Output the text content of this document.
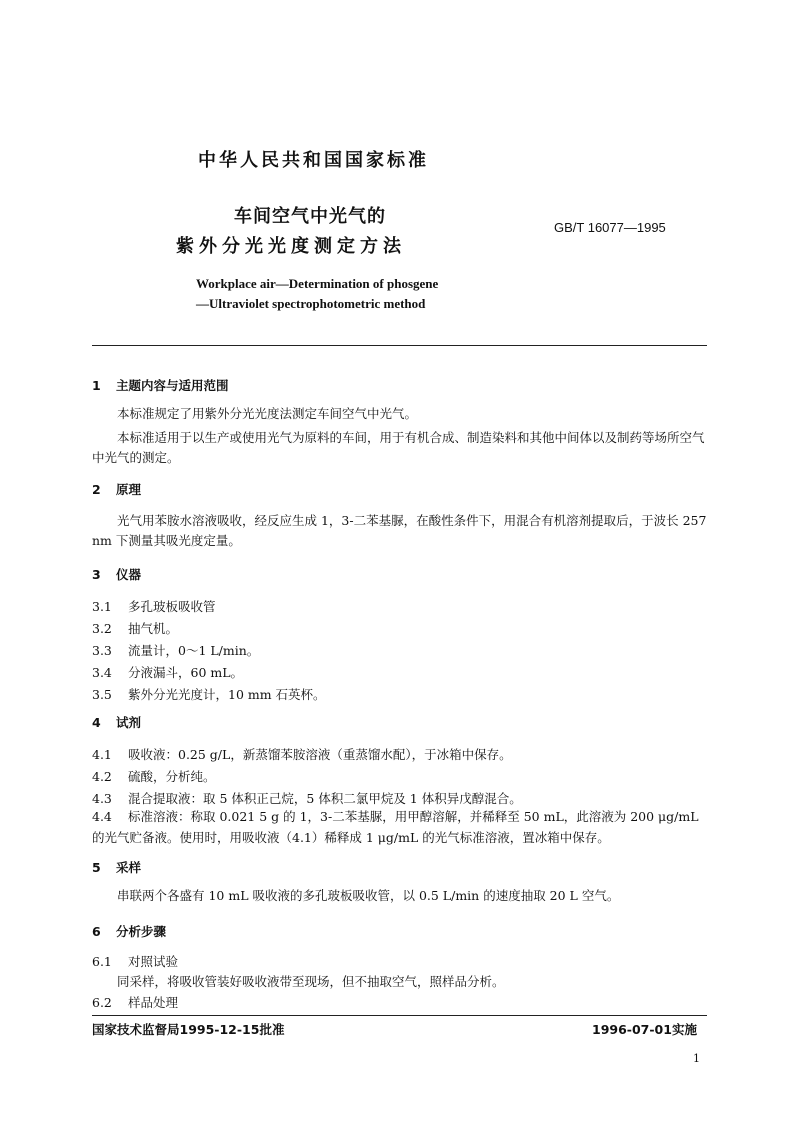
中华人民共和国国家标准
车间空气中光气的
紫外分光光度测定方法
GB/T 16077—1995
Workplace air—Determination of phosgene
—Ultraviolet spectrophotometric method
1 主题内容与适用范围
本标准规定了用紫外分光光度法测定车间空气中光气。
本标准适用于以生产或使用光气为原料的车间，用于有机合成、制造染料和其他中间体以及制药等场所空气中光气的测定。
2 原理
光气用苯胺水溶液吸收，经反应生成 1，3-二苯基脲，在酸性条件下，用混合有机溶剂提取后，于波长 257 nm 下测量其吸光度定量。
3 仪器
3.1 多孔玻板吸收管
3.2 抽气机。
3.3 流量计，0～1 L/min。
3.4 分液漏斗，60 mL。
3.5 紫外分光光度计，10 mm 石英杯。
4 试剂
4.1 吸收液：0.25 g/L，新蒸馏苯胺溶液（重蒸馏水配），于冰箱中保存。
4.2 硫酸，分析纯。
4.3 混合提取液：取 5 体积正己烷，5 体积二氯甲烷及 1 体积异戊醇混合。
4.4 标准溶液：称取 0.021 5 g 的 1，3-二苯基脲，用甲醇溶解，并稀释至 50 mL，此溶液为 200 μg/mL
的光气贮备液。使用时，用吸收液（4.1）稀释成 1 μg/mL 的光气标准溶液，置冰箱中保存。
5 采样
串联两个各盛有 10 mL 吸收液的多孔玻板吸收管，以 0.5 L/min 的速度抽取 20 L 空气。
6 分析步骤
6.1 对照试验
同采样，将吸收管装好吸收液带至现场，但不抽取空气，照样品分析。
6.2 样品处理
国家技术监督局1995-12-15批准	1996-07-01实施
1
